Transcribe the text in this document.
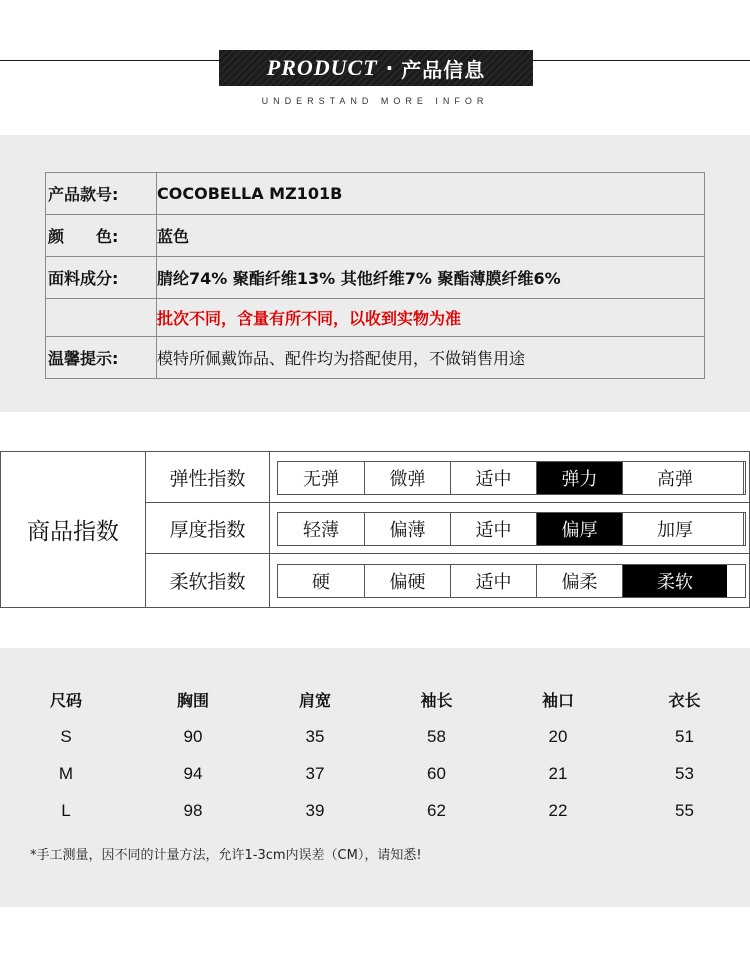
PRODUCT · 产品信息
UNDERSTAND MORE INFOR
产品款号:	COCOBELLA MZ101B
颜　　色:	蓝色
面料成分:	腈纶74% 聚酯纤维13% 其他纤维7% 聚酯薄膜纤维6%
	批次不同，含量有所不同，以收到实物为准
温馨提示:	模特所佩戴饰品、配件均为搭配使用，不做销售用途
商品指数
弹性指数	无弹	微弹	适中	弹力	高弹
厚度指数	轻薄	偏薄	适中	偏厚	加厚
柔软指数	硬	偏硬	适中	偏柔	柔软
尺码	胸围	肩宽	袖长	袖口	衣长
S	90	35	58	20	51
M	94	37	60	21	53
L	98	39	62	22	55
*手工测量，因不同的计量方法，允许1-3cm内误差（CM），请知悉!
